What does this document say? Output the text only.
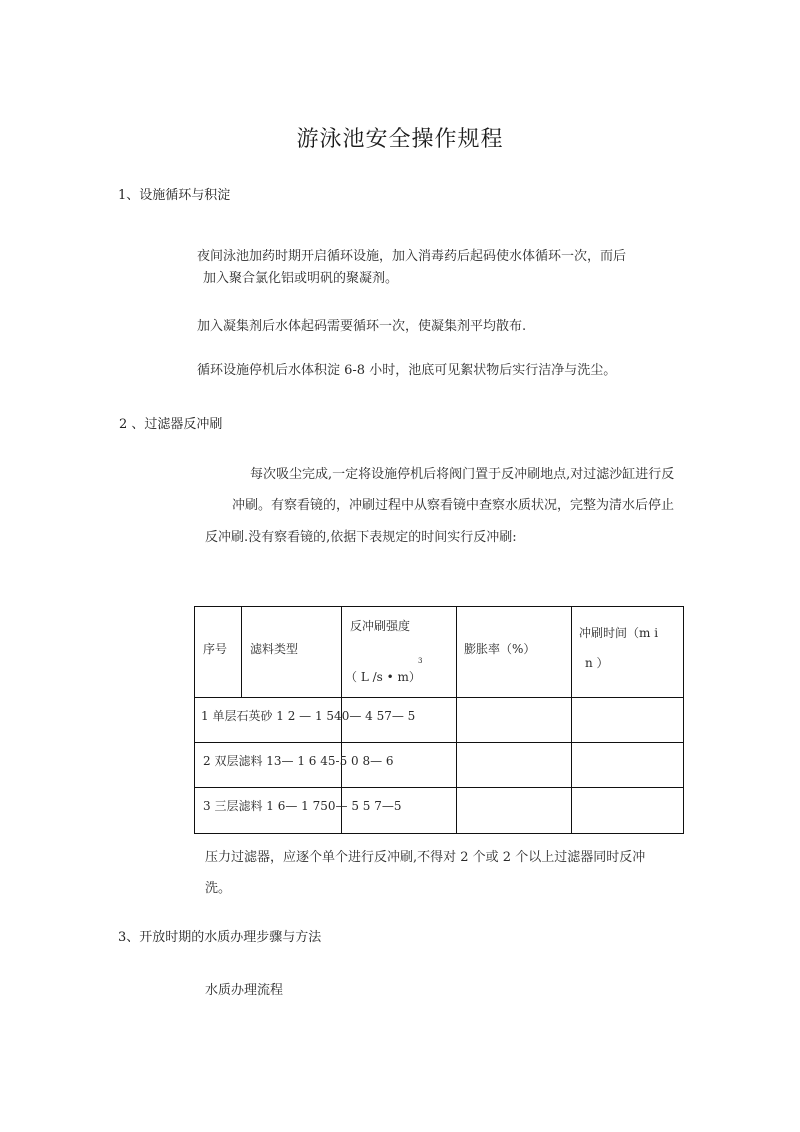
游泳池安全操作规程
1、设施循环与积淀
夜间泳池加药时期开启循环设施，加入消毒药后起码使水体循环一次，而后
加入聚合氯化铝或明矾的聚凝剂。
加入凝集剂后水体起码需要循环一次，使凝集剂平均散布.
循环设施停机后水体积淀 6-8 小时，池底可见絮状物后实行洁净与洗尘。
2 、过滤器反冲刷
每次吸尘完成,一定将设施停机后将阀门置于反冲刷地点,对过滤沙缸进行反
冲刷。有察看镜的，冲刷过程中从察看镜中查察水质状况，完整为清水后停止
反冲刷.没有察看镜的,依据下表规定的时间实行反冲刷:
序号 滤料类型
反冲刷强度
（ L /s • m）
3
膨胀率（%）
冲刷时间（m i
n ）
1 单层石英砂 1 2 — 1 540— 4 57— 5
2 双层滤料 13— 1 6 45-5 0 8— 6
3 三层滤料 1 6— 1 750— 5 5 7—5
压力过滤器，应逐个单个进行反冲刷,不得对 2 个或 2 个以上过滤器同时反冲
洗。
3、开放时期的水质办理步骤与方法
水质办理流程
